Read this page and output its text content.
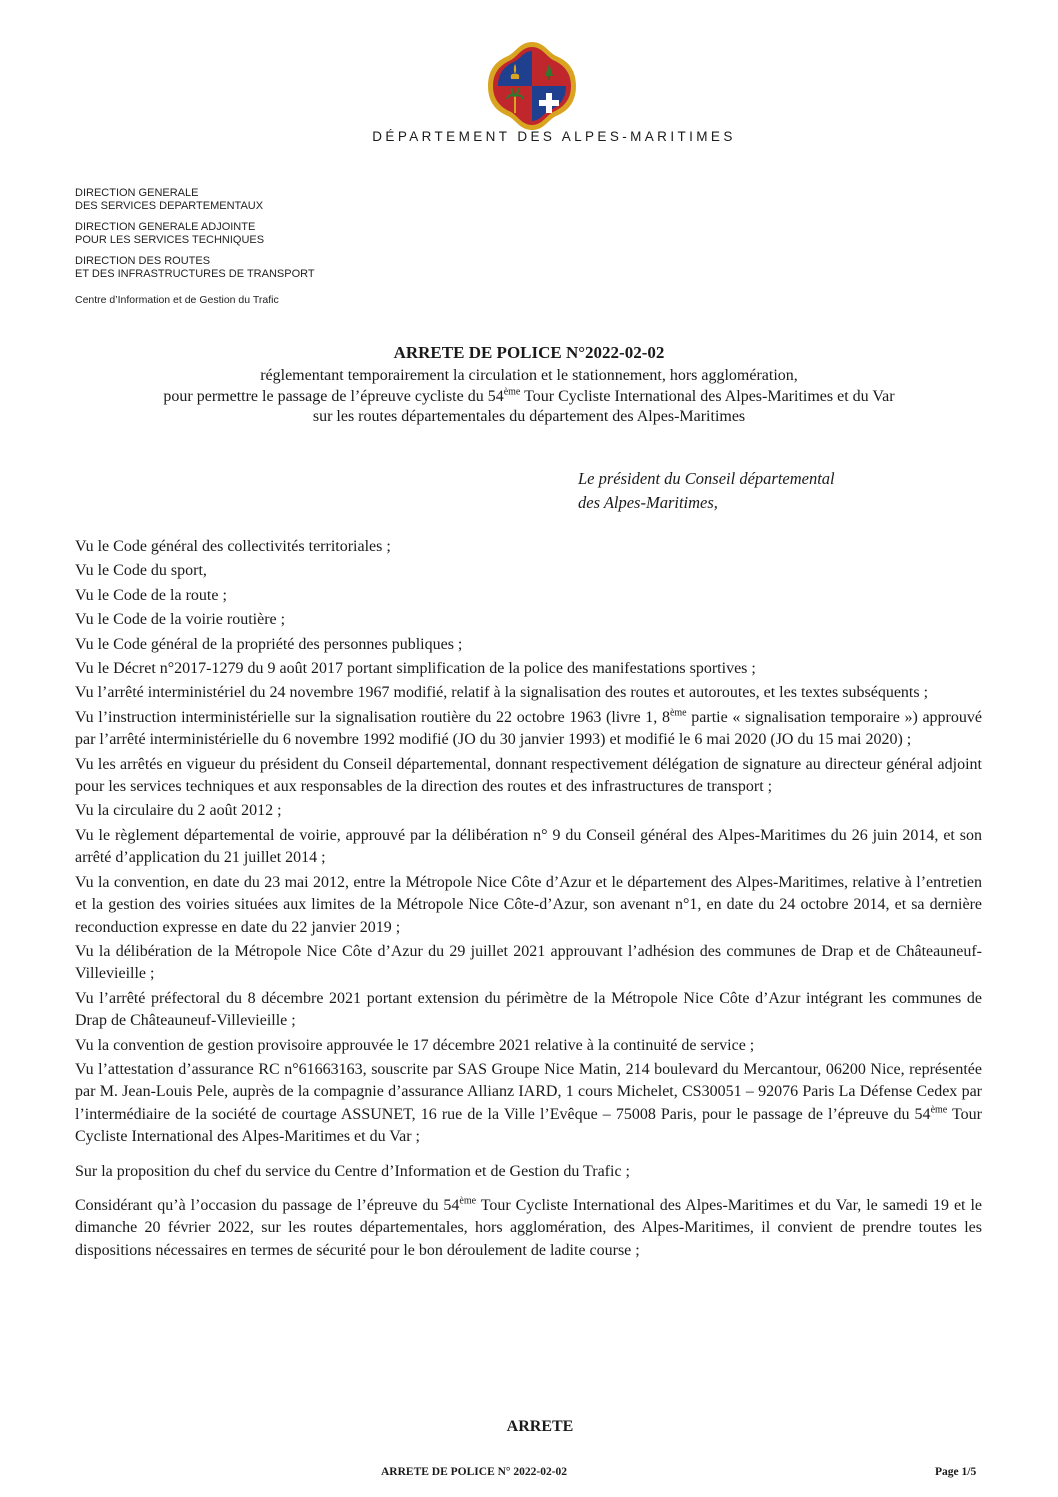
DÉPARTEMENT DES ALPES-MARITIMES
DIRECTION GENERALE
DES SERVICES DEPARTEMENTAUX
DIRECTION GENERALE ADJOINTE
POUR LES SERVICES TECHNIQUES
DIRECTION DES ROUTES
ET DES INFRASTRUCTURES DE TRANSPORT
Centre d’Information et de Gestion du Trafic
ARRETE DE POLICE N°2022-02-02
réglementant temporairement la circulation et le stationnement, hors agglomération,
pour permettre le passage de l’épreuve cycliste du 54ème Tour Cycliste International des Alpes-Maritimes et du Var
sur les routes départementales du département des Alpes-Maritimes
Le président du Conseil départemental
des Alpes-Maritimes,

Vu le Code général des collectivités territoriales ;

Vu le Code du sport,

Vu le Code de la route ;

Vu le Code de la voirie routière ;

Vu le Code général de la propriété des personnes publiques ;

Vu le Décret n°2017-1279 du 9 août 2017 portant simplification de la police des manifestations sportives ;

Vu l’arrêté interministériel du 24 novembre 1967 modifié, relatif à la signalisation des routes et autoroutes, et les textes subséquents ;

Vu l’instruction interministérielle sur la signalisation routière du 22 octobre 1963 (livre 1, 8ème partie « signalisation temporaire ») approuvé par l’arrêté interministérielle du 6 novembre 1992 modifié (JO du 30 janvier 1993) et modifié le 6 mai 2020 (JO du 15 mai 2020) ;

Vu les arrêtés en vigueur du président du Conseil départemental, donnant respectivement délégation de signature au directeur général adjoint pour les services techniques et aux responsables de la direction des routes et des infrastructures de transport ;

Vu la circulaire du 2 août 2012 ;

Vu le règlement départemental de voirie, approuvé par la délibération n° 9 du Conseil général des Alpes-Maritimes du 26 juin 2014, et son arrêté d’application du 21 juillet 2014 ;

Vu la convention, en date du 23 mai 2012, entre la Métropole Nice Côte d’Azur et le département des Alpes-Maritimes, relative à l’entretien et la gestion des voiries situées aux limites de la Métropole Nice Côte-d’Azur, son avenant n°1, en date du 24 octobre 2014, et sa dernière reconduction expresse en date du 22 janvier 2019 ;

Vu la délibération de la Métropole Nice Côte d’Azur du 29 juillet 2021 approuvant l’adhésion des communes de Drap et de Châteauneuf-Villevieille ;

Vu l’arrêté préfectoral du 8 décembre 2021 portant extension du périmètre de la Métropole Nice Côte d’Azur intégrant les communes de Drap de Châteauneuf-Villevieille ;

Vu la convention de gestion provisoire approuvée le 17 décembre 2021 relative à la continuité de service ;

Vu l’attestation d’assurance RC n°61663163, souscrite par SAS Groupe Nice Matin, 214 boulevard du Mercantour, 06200 Nice, représentée par M. Jean-Louis Pele, auprès de la compagnie d’assurance Allianz IARD, 1 cours Michelet, CS30051 – 92076 Paris La Défense Cedex par l’intermédiaire de la société de courtage ASSUNET, 16 rue de la Ville l’Evêque – 75008 Paris, pour le passage de l’épreuve du 54ème Tour Cycliste International des Alpes-Maritimes et du Var ;

Sur la proposition du chef du service du Centre d’Information et de Gestion du Trafic ;

Considérant qu’à l’occasion du passage de l’épreuve du 54ème Tour Cycliste International des Alpes-Maritimes et du Var, le samedi 19 et le dimanche 20 février 2022, sur les routes départementales, hors agglomération, des Alpes-Maritimes, il convient de prendre toutes les dispositions nécessaires en termes de sécurité pour le bon déroulement de ladite course ;

ARRETE
ARRETE DE POLICE N° 2022-02-02	Page 1/5
